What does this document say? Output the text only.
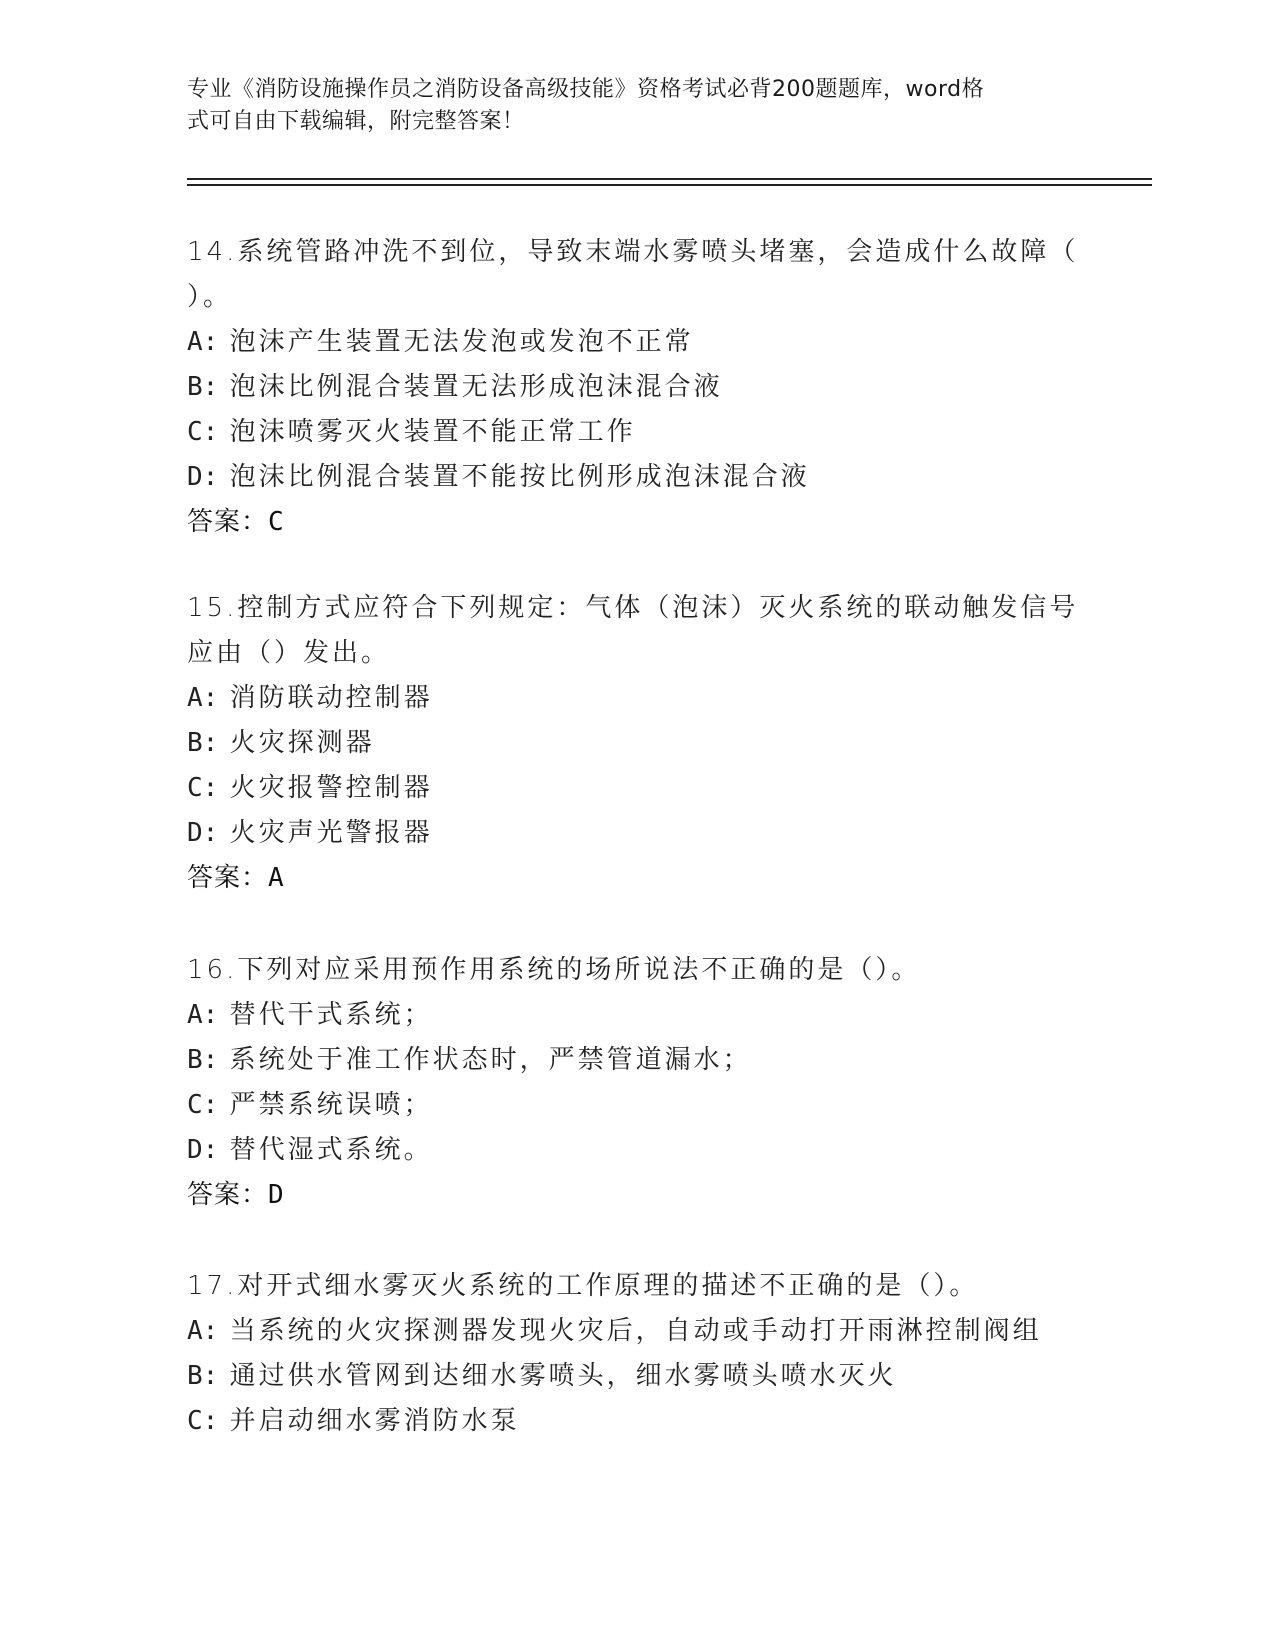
专业《消防设施操作员之消防设备高级技能》资格考试必背200题题库，word格
式可自由下载编辑，附完整答案！
14.系统管路冲洗不到位，导致末端水雾喷头堵塞，会造成什么故障（
）。
A: 泡沫产生装置无法发泡或发泡不正常
B: 泡沫比例混合装置无法形成泡沫混合液
C: 泡沫喷雾灭火装置不能正常工作
D: 泡沫比例混合装置不能按比例形成泡沫混合液
答案：C
15.控制方式应符合下列规定：气体（泡沫）灭火系统的联动触发信号
应由（）发出。
A: 消防联动控制器
B: 火灾探测器
C: 火灾报警控制器
D: 火灾声光警报器
答案：A
16.下列对应采用预作用系统的场所说法不正确的是（）。
A: 替代干式系统；
B: 系统处于准工作状态时，严禁管道漏水；
C: 严禁系统误喷；
D: 替代湿式系统。
答案：D
17.对开式细水雾灭火系统的工作原理的描述不正确的是（）。
A: 当系统的火灾探测器发现火灾后，自动或手动打开雨淋控制阀组
B: 通过供水管网到达细水雾喷头，细水雾喷头喷水灭火
C: 并启动细水雾消防水泵
